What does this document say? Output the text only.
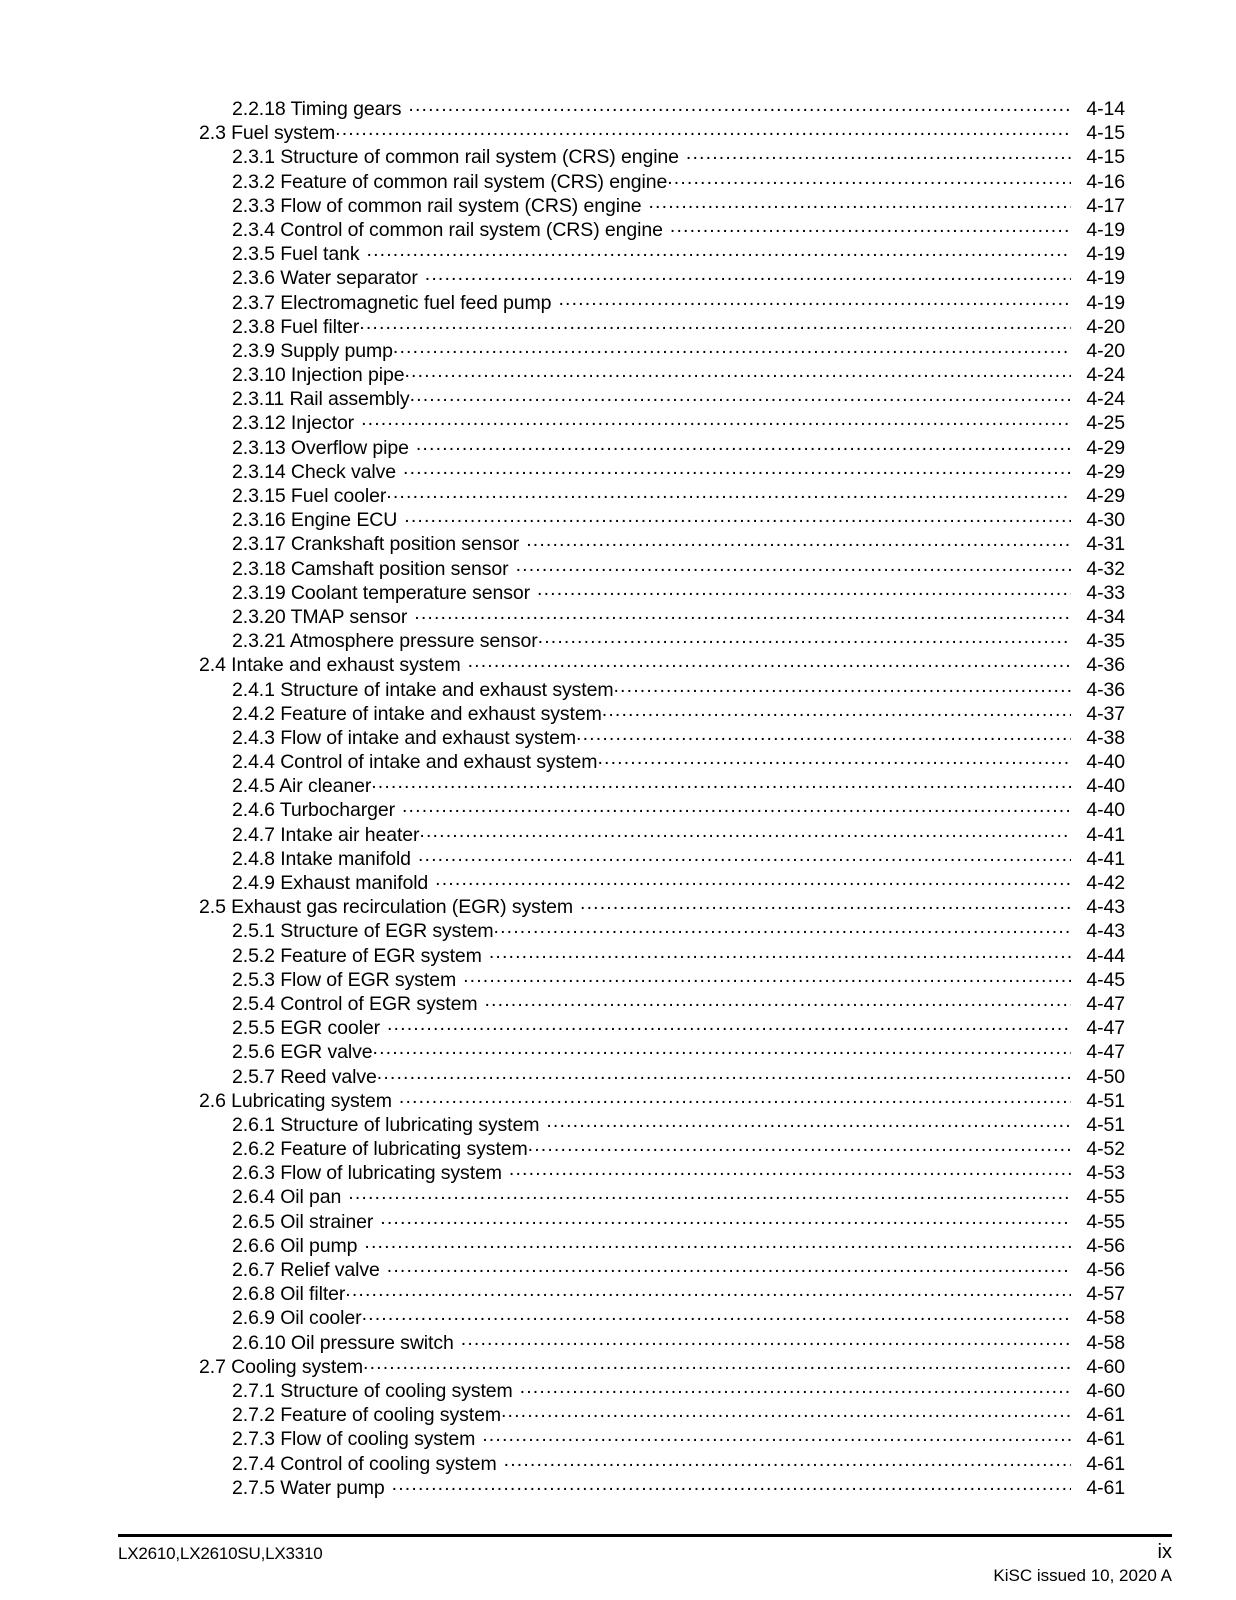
2.2.18 Timing gears .....	4-14
2.3 Fuel system .....	4-15
2.3.1 Structure of common rail system (CRS) engine .....	4-15
2.3.2 Feature of common rail system (CRS) engine .....	4-16
2.3.3 Flow of common rail system (CRS) engine .....	4-17
2.3.4 Control of common rail system (CRS) engine .....	4-19
2.3.5 Fuel tank .....	4-19
2.3.6 Water separator .....	4-19
2.3.7 Electromagnetic fuel feed pump .....	4-19
2.3.8 Fuel filter .....	4-20
2.3.9 Supply pump .....	4-20
2.3.10 Injection pipe .....	4-24
2.3.11 Rail assembly .....	4-24
2.3.12 Injector .....	4-25
2.3.13 Overflow pipe .....	4-29
2.3.14 Check valve .....	4-29
2.3.15 Fuel cooler .....	4-29
2.3.16 Engine ECU .....	4-30
2.3.17 Crankshaft position sensor .....	4-31
2.3.18 Camshaft position sensor .....	4-32
2.3.19 Coolant temperature sensor .....	4-33
2.3.20 TMAP sensor .....	4-34
2.3.21 Atmosphere pressure sensor .....	4-35
2.4 Intake and exhaust system .....	4-36
2.4.1 Structure of intake and exhaust system .....	4-36
2.4.2 Feature of intake and exhaust system .....	4-37
2.4.3 Flow of intake and exhaust system .....	4-38
2.4.4 Control of intake and exhaust system .....	4-40
2.4.5 Air cleaner .....	4-40
2.4.6 Turbocharger .....	4-40
2.4.7 Intake air heater .....	4-41
2.4.8 Intake manifold .....	4-41
2.4.9 Exhaust manifold .....	4-42
2.5 Exhaust gas recirculation (EGR) system .....	4-43
2.5.1 Structure of EGR system .....	4-43
2.5.2 Feature of EGR system .....	4-44
2.5.3 Flow of EGR system .....	4-45
2.5.4 Control of EGR system .....	4-47
2.5.5 EGR cooler .....	4-47
2.5.6 EGR valve .....	4-47
2.5.7 Reed valve .....	4-50
2.6 Lubricating system .....	4-51
2.6.1 Structure of lubricating system .....	4-51
2.6.2 Feature of lubricating system .....	4-52
2.6.3 Flow of lubricating system .....	4-53
2.6.4 Oil pan .....	4-55
2.6.5 Oil strainer .....	4-55
2.6.6 Oil pump .....	4-56
2.6.7 Relief valve .....	4-56
2.6.8 Oil filter .....	4-57
2.6.9 Oil cooler .....	4-58
2.6.10 Oil pressure switch .....	4-58
2.7 Cooling system .....	4-60
2.7.1 Structure of cooling system .....	4-60
2.7.2 Feature of cooling system .....	4-61
2.7.3 Flow of cooling system .....	4-61
2.7.4 Control of cooling system .....	4-61
2.7.5 Water pump .....	4-61
LX2610,LX2610SU,LX3310	ix
KiSC issued 10, 2020 A
